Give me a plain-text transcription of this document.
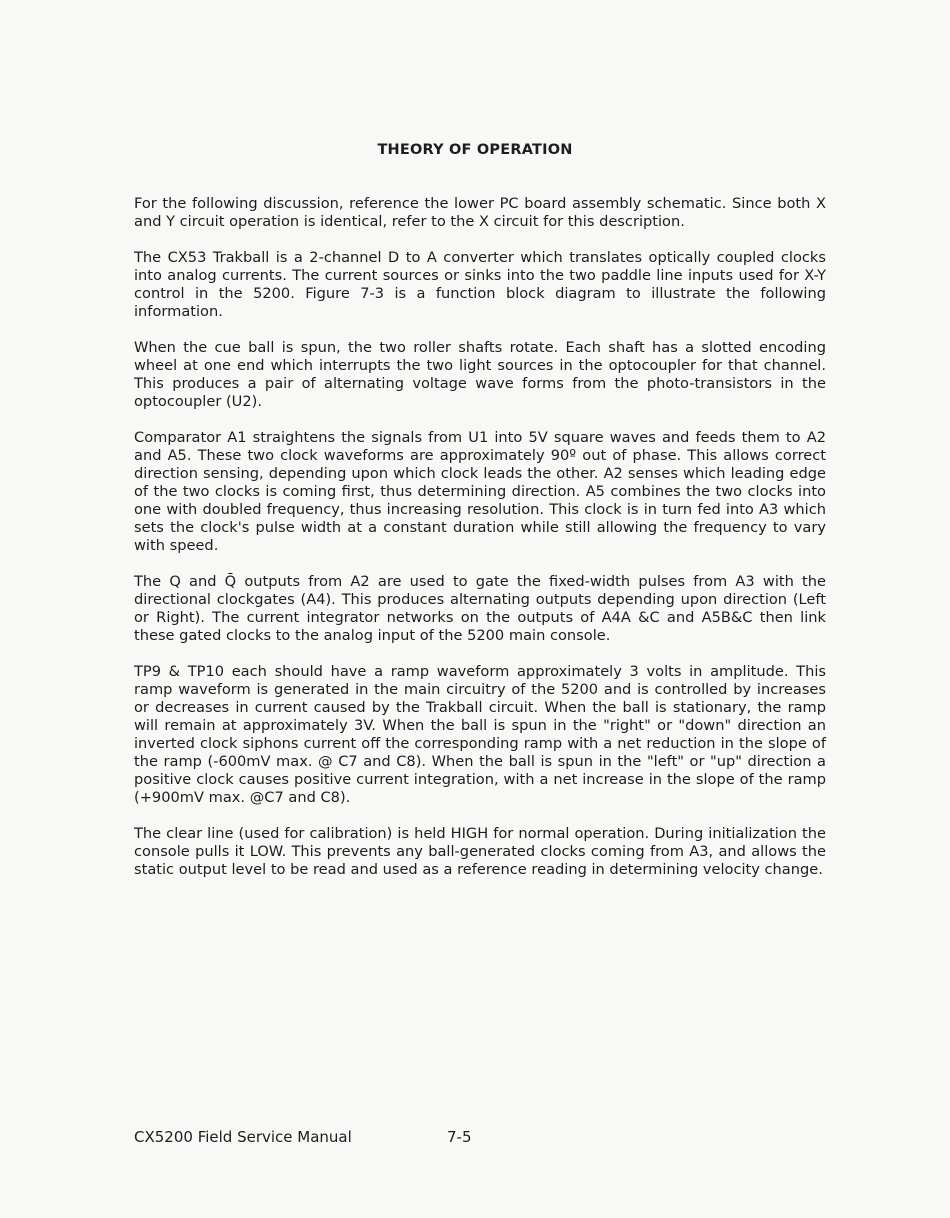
THEORY OF OPERATION

For the following discussion, reference the lower PC board assembly schematic. Since both X and Y circuit operation is identical, refer to the X circuit for this description.

The CX53 Trakball is a 2-channel D to A converter which translates optically coupled clocks into analog currents. The current sources or sinks into the two paddle line inputs used for X-Y control in the 5200. Figure 7-3 is a function block diagram to illustrate the following information.

When the cue ball is spun, the two roller shafts rotate. Each shaft has a slotted encoding wheel at one end which interrupts the two light sources in the optocoupler for that channel. This produces a pair of alternating voltage wave forms from the photo-transistors in the optocoupler (U2).

Comparator A1 straightens the signals from U1 into 5V square waves and feeds them to A2 and A5. These two clock waveforms are approximately 90º out of phase. This allows correct direction sensing, depending upon which clock leads the other. A2 senses which leading edge of the two clocks is coming first, thus determining direction. A5 combines the two clocks into one with doubled frequency, thus increasing resolution. This clock is in turn fed into A3 which sets the clock's pulse width at a constant duration while still allowing the frequency to vary with speed.

The Q and Q̄ outputs from A2 are used to gate the fixed-width pulses from A3 with the directional clockgates (A4). This produces alternating outputs depending upon direction (Left or Right). The current integrator networks on the outputs of A4A &C and A5B&C then link these gated clocks to the analog input of the 5200 main console.

TP9 & TP10 each should have a ramp waveform approximately 3 volts in amplitude. This ramp waveform is generated in the main circuitry of the 5200 and is controlled by increases or decreases in current caused by the Trakball circuit. When the ball is stationary, the ramp will remain at approximately 3V. When the ball is spun in the "right" or "down" direction an inverted clock siphons current off the corresponding ramp with a net reduction in the slope of the ramp (-600mV max. @ C7 and C8). When the ball is spun in the "left" or "up" direction a positive clock causes positive current integration, with a net increase in the slope of the ramp (+900mV max. @C7 and C8).

The clear line (used for calibration) is held HIGH for normal operation. During initialization the console pulls it LOW. This prevents any ball-generated clocks coming from A3, and allows the static output level to be read and used as a reference reading in determining velocity change.

CX5200 Field Service Manual	7-5
